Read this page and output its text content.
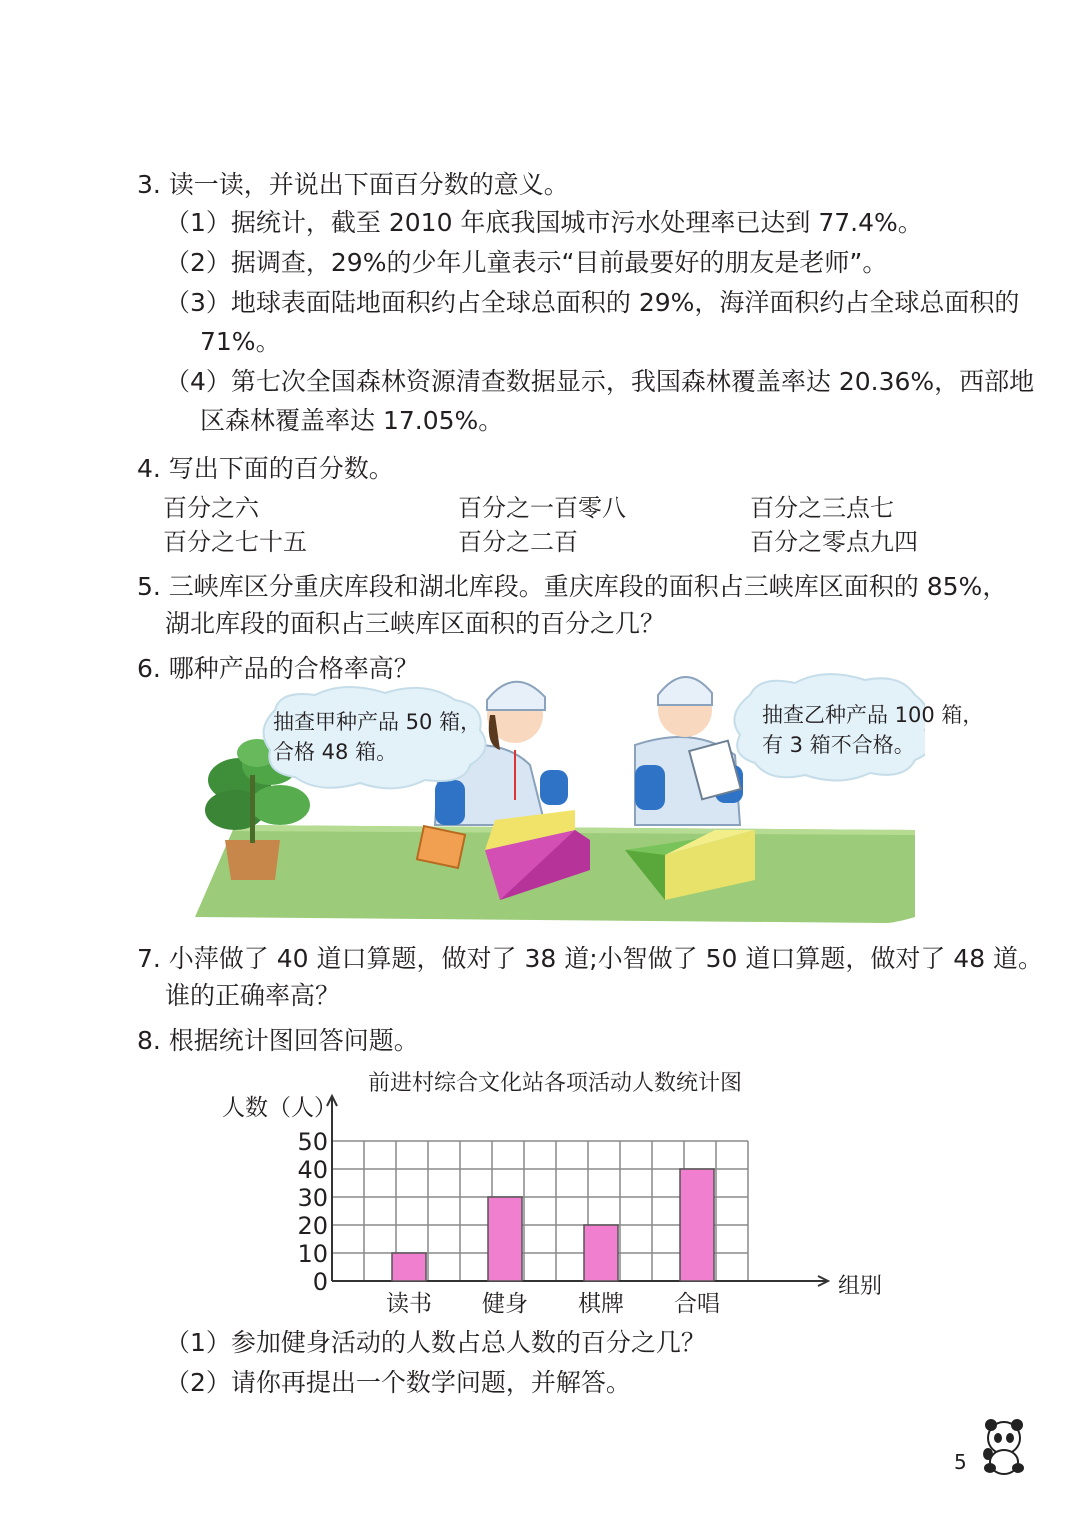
3. 读一读，并说出下面百分数的意义。
（1）据统计，截至 2010 年底我国城市污水处理率已达到 77.4%。
（2）据调查，29%的少年儿童表示“目前最要好的朋友是老师”。
（3）地球表面陆地面积约占全球总面积的 29%，海洋面积约占全球总面积的
71%。
（4）第七次全国森林资源清查数据显示，我国森林覆盖率达 20.36%，西部地
区森林覆盖率达 17.05%。
4. 写出下面的百分数。
百分之六	百分之一百零八	百分之三点七
百分之七十五	百分之二百	百分之零点九四
5. 三峡库区分重庆库段和湖北库段。重庆库段的面积占三峡库区面积的 85%，
湖北库段的面积占三峡库区面积的百分之几？
6. 哪种产品的合格率高？
抽查甲种产品 50 箱，
合格 48 箱。
抽查乙种产品 100 箱，
有 3 箱不合格。
7. 小萍做了 40 道口算题，做对了 38 道;小智做了 50 道口算题，做对了 48 道。
谁的正确率高？
8. 根据统计图回答问题。
前进村综合文化站各项活动人数统计图
人数（人）
0
10
20
30
40
50
组别
读书 健身 棋牌 合唱
（1）参加健身活动的人数占总人数的百分之几？
（2）请你再提出一个数学问题，并解答。
5
